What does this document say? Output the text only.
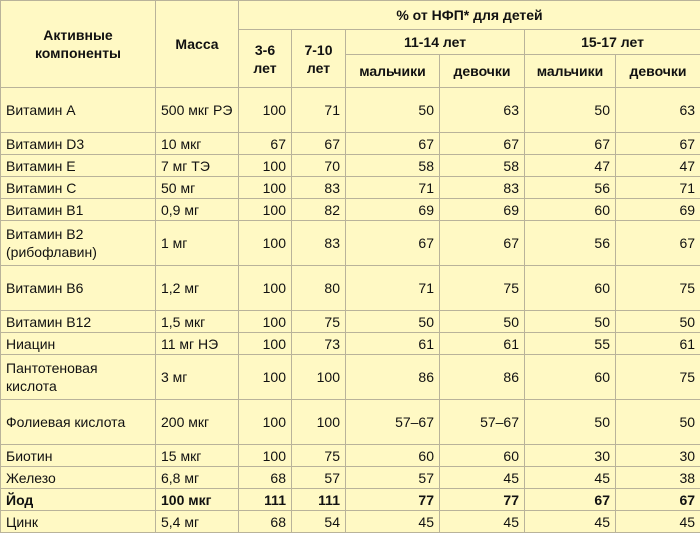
Активные компоненты	Масса	% от НФП* для детей					
		3-6 лет	7-10 лет	11-14 лет		15-17 лет	
				мальчики	девочки	мальчики	девочки
Витамин А	500 мкг РЭ	100	71	50	63	50	63
Витамин D3	10 мкг	67	67	67	67	67	67
Витамин Е	7 мг ТЭ	100	70	58	58	47	47
Витамин С	50 мг	100	83	71	83	56	71
Витамин В1	0,9 мг	100	82	69	69	60	69
Витамин В2 (рибофлавин)	1 мг	100	83	67	67	56	67
Витамин В6	1,2 мг	100	80	71	75	60	75
Витамин В12	1,5 мкг	100	75	50	50	50	50
Ниацин	11 мг НЭ	100	73	61	61	55	61
Пантотеновая кислота	3 мг	100	100	86	86	60	75
Фолиевая кислота	200 мкг	100	100	57–67	57–67	50	50
Биотин	15 мкг	100	75	60	60	30	30
Железо	6,8 мг	68	57	57	45	45	38
Йод	100 мкг	111	111	77	77	67	67
Цинк	5,4 мг	68	54	45	45	45	45
